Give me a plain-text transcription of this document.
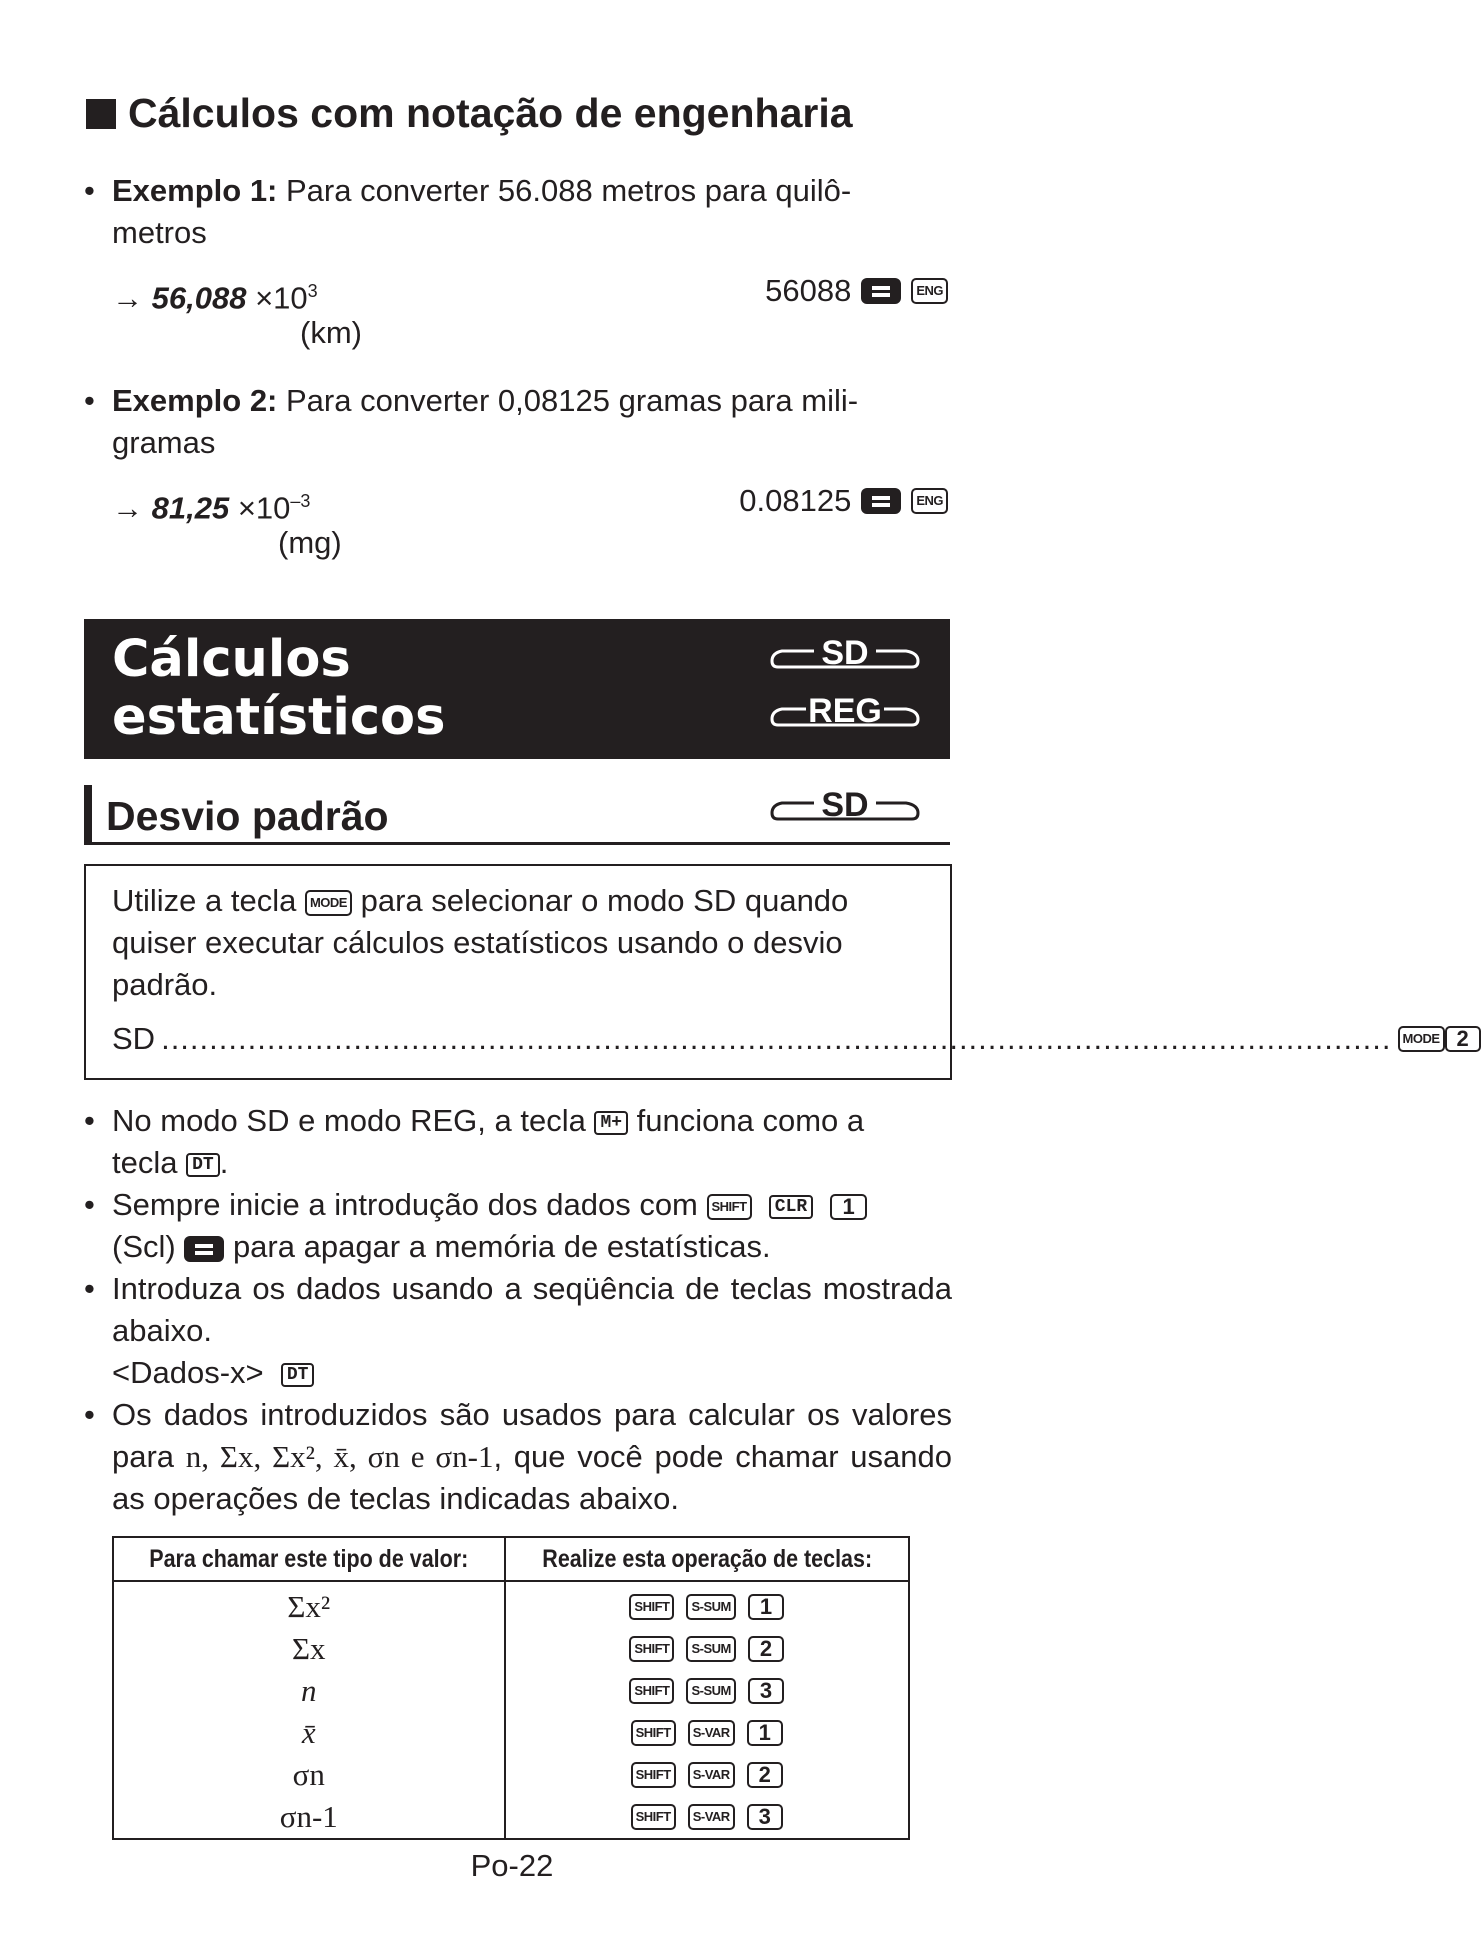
Cálculos com notação de engenharia
• Exemplo 1: Para converter 56.088 metros para quilô-
metros
→ $56,088 \times 10^3$
(km)
56088	ENG
• Exemplo 2: Para converter 0,08125 gramas para mili-
gramas
→ $81,25 \times 10^{-3}$
(mg)
0.08125	ENG
Cálculos
estatísticos
SD
REG
Desvio padrão	SD
Utilize a tecla MODE para selecionar o modo SD quando quiser executar cálculos estatísticos usando o desvio padrão.
SD ................................................................................................................................ MODE 2
• No modo SD e modo REG, a tecla M+ funciona como a
tecla DT .
• Sempre inicie a introdução dos dados com SHIFT CLR 1
(Scl)  para apagar a memória de estatísticas.
• Introduza os dados usando a seqüência de teclas mostrada abaixo.
<Dados-x> DT
• Os dados introduzidos são usados para calcular os valores para n, Σx, Σx², x̄, σn e σn-1, que você pode chamar usando as operações de teclas indicadas abaixo.
Para chamar este tipo de valor:	Realize esta operação de teclas:
Σx²	SHIFT S-SUM 1

Σx	SHIFT S-SUM 2

n	SHIFT S-SUM 3

x̄	SHIFT S-VAR 1

σn	SHIFT S-VAR 2

σn-1	SHIFT S-VAR 3
Po-22
